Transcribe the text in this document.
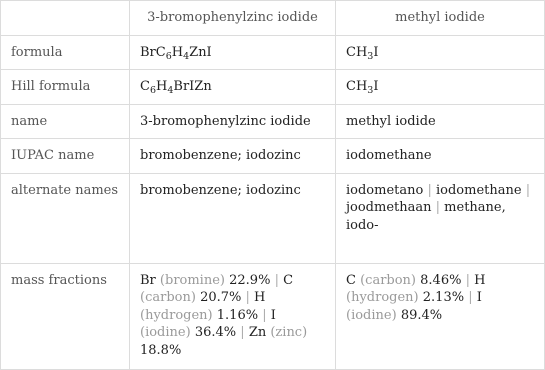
	3-bromophenylzinc iodide	methyl iodide
formula	$BrC_6H_4ZnI$	$CH_3I$
Hill formula	$C_6H_4BrIZn$	$CH_3I$
name	3-bromophenylzinc iodide	methyl iodide
IUPAC name	bromobenzene; iodozinc	iodomethane
alternate names	bromobenzene; iodozinc	iodometano | iodomethane | joodmethaan | methane, iodo-
mass fractions	Br (bromine) 22.9% | C (carbon) 20.7% | H (hydrogen) 1.16% | I (iodine) 36.4% | Zn (zinc) 18.8%	C (carbon) 8.46% | H (hydrogen) 2.13% | I (iodine) 89.4%
